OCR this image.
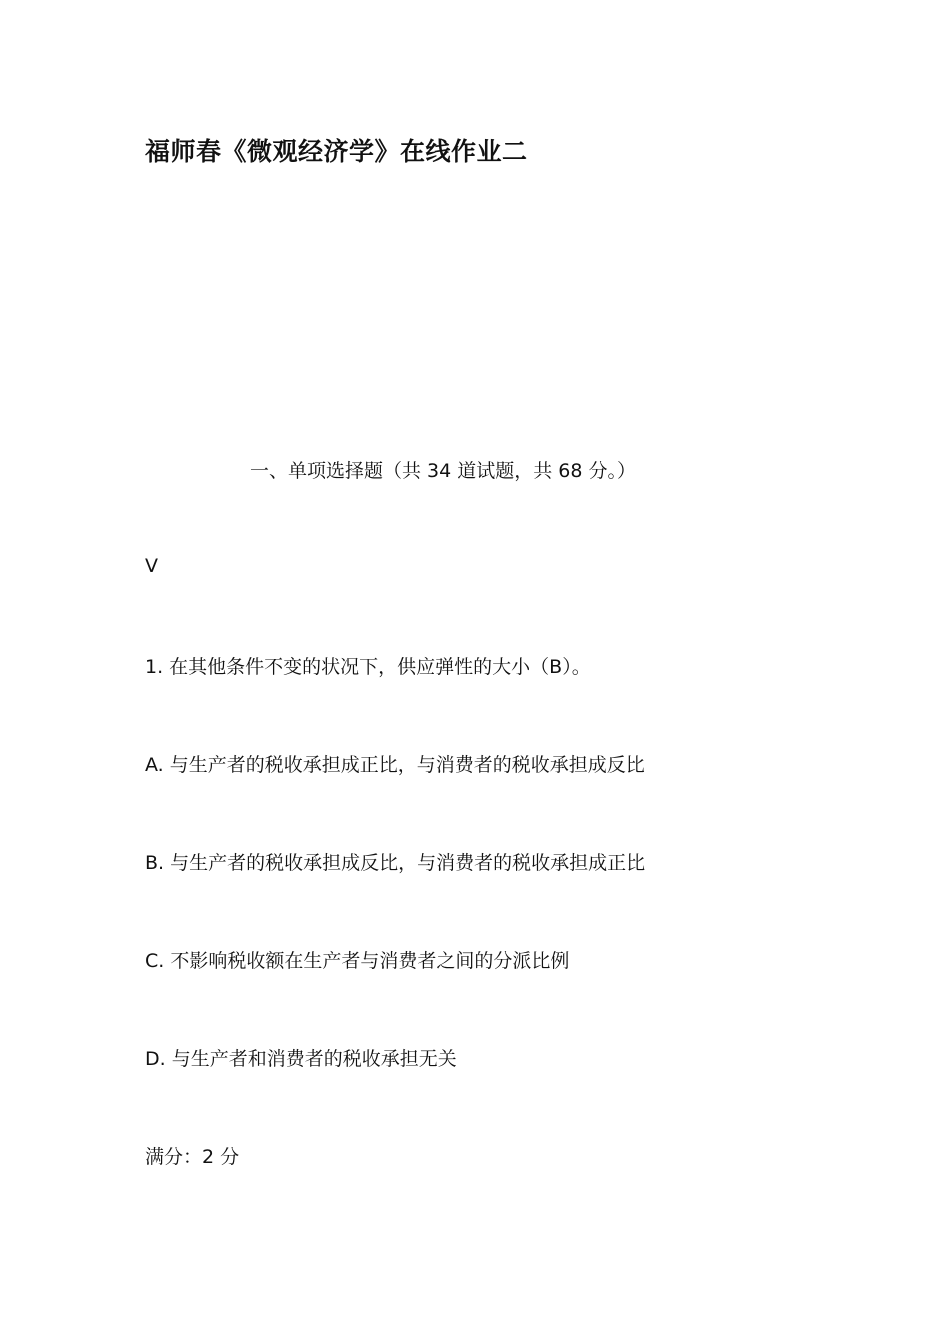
福师春《微观经济学》在线作业二
一、单项选择题（共 34 道试题，共 68 分。）
V
1. 在其他条件不变的状况下，供应弹性的大小（B）。
A. 与生产者的税收承担成正比，与消费者的税收承担成反比
B. 与生产者的税收承担成反比，与消费者的税收承担成正比
C. 不影响税收额在生产者与消费者之间的分派比例
D. 与生产者和消费者的税收承担无关
满分：2 分
